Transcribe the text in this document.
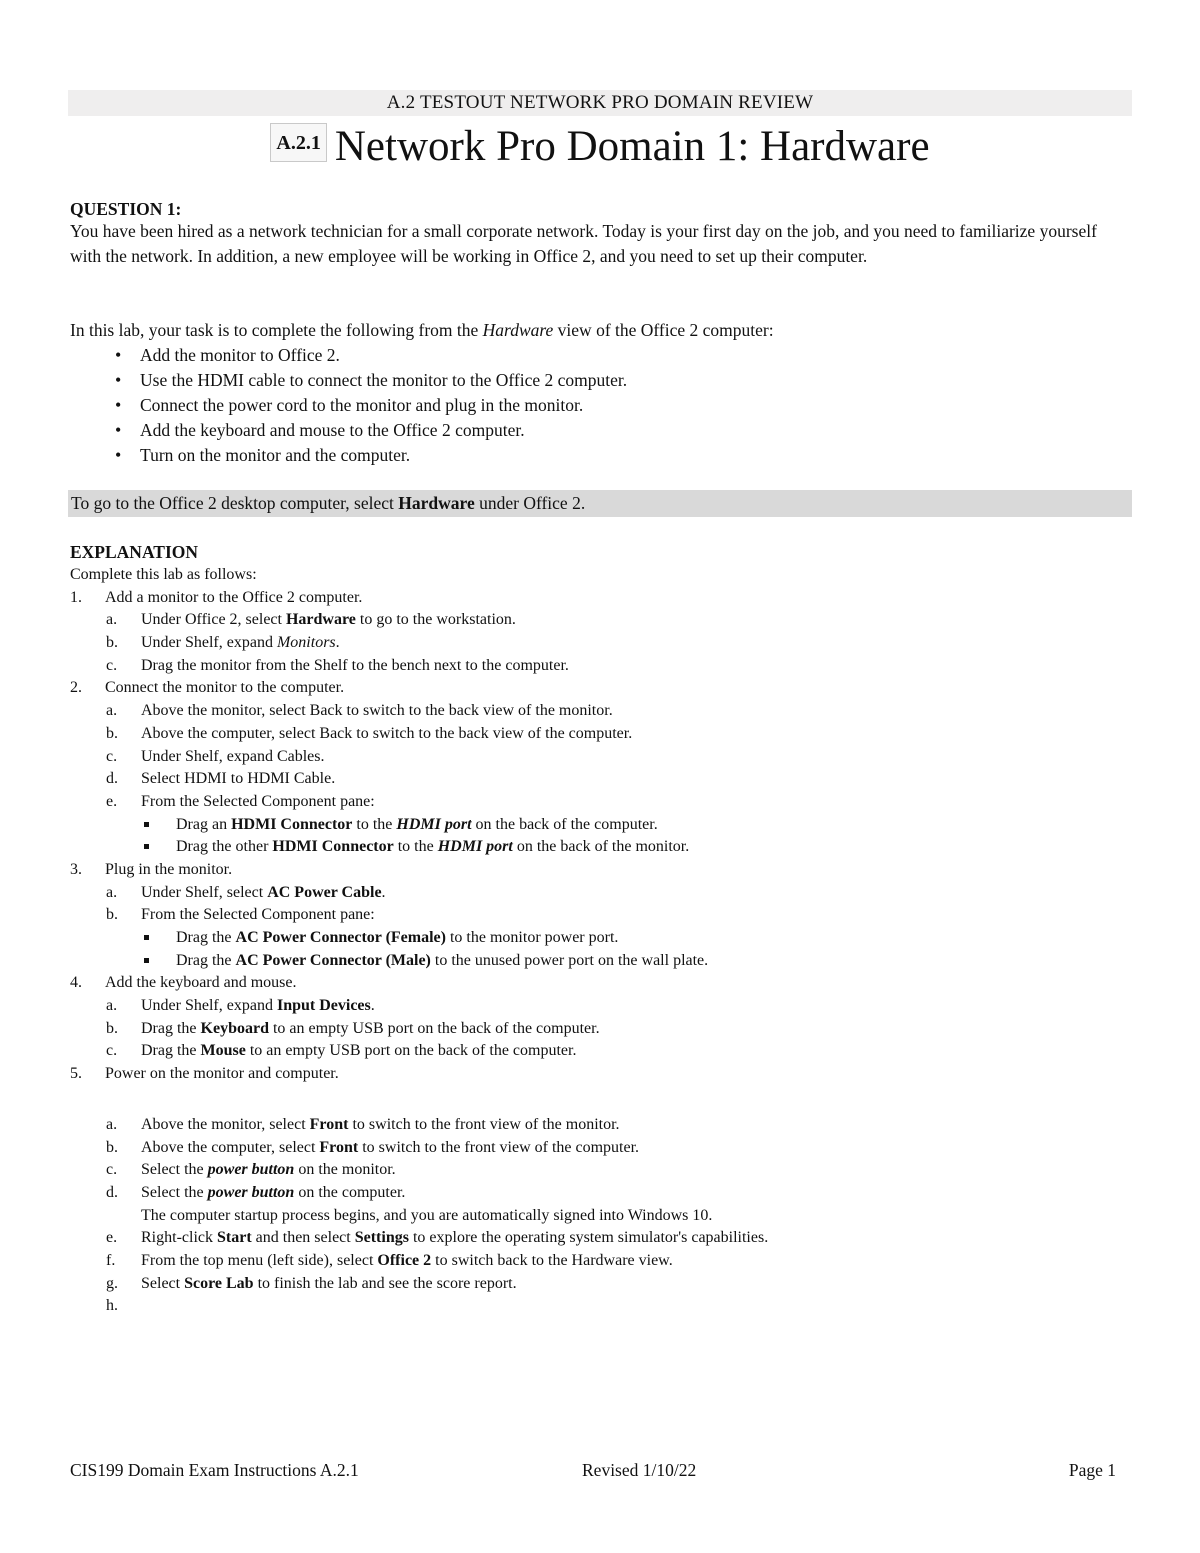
A.2 TESTOUT NETWORK PRO DOMAIN REVIEW
A.2.1 Network Pro Domain 1: Hardware
QUESTION 1:
You have been hired as a network technician for a small corporate network. Today is your first day on the job, and you need to familiarize yourself with the network. In addition, a new employee will be working in Office 2, and you need to set up their computer.
In this lab, your task is to complete the following from the Hardware view of the Office 2 computer:
• Add the monitor to Office 2.
• Use the HDMI cable to connect the monitor to the Office 2 computer.
• Connect the power cord to the monitor and plug in the monitor.
• Add the keyboard and mouse to the Office 2 computer.
• Turn on the monitor and the computer.
To go to the Office 2 desktop computer, select Hardware under Office 2.
EXPLANATION
Complete this lab as follows:
1. Add a monitor to the Office 2 computer.
a. Under Office 2, select Hardware to go to the workstation.
b. Under Shelf, expand Monitors.
c. Drag the monitor from the Shelf to the bench next to the computer.
2. Connect the monitor to the computer.
a. Above the monitor, select Back to switch to the back view of the monitor.
b. Above the computer, select Back to switch to the back view of the computer.
c. Under Shelf, expand Cables.
d. Select HDMI to HDMI Cable.
e. From the Selected Component pane:
Drag an HDMI Connector to the HDMI port on the back of the computer.
Drag the other HDMI Connector to the HDMI port on the back of the monitor.
3. Plug in the monitor.
a. Under Shelf, select AC Power Cable.
b. From the Selected Component pane:
Drag the AC Power Connector (Female) to the monitor power port.
Drag the AC Power Connector (Male) to the unused power port on the wall plate.
4. Add the keyboard and mouse.
a. Under Shelf, expand Input Devices.
b. Drag the Keyboard to an empty USB port on the back of the computer.
c. Drag the Mouse to an empty USB port on the back of the computer.
5. Power on the monitor and computer.
a. Above the monitor, select Front to switch to the front view of the monitor.
b. Above the computer, select Front to switch to the front view of the computer.
c. Select the power button on the monitor.
d. Select the power button on the computer.
The computer startup process begins, and you are automatically signed into Windows 10.
e. Right-click Start and then select Settings to explore the operating system simulator's capabilities.
f. From the top menu (left side), select Office 2 to switch back to the Hardware view.
g. Select Score Lab to finish the lab and see the score report.
h.
CIS199 Domain Exam Instructions A.2.1	Revised 1/10/22	Page 1
